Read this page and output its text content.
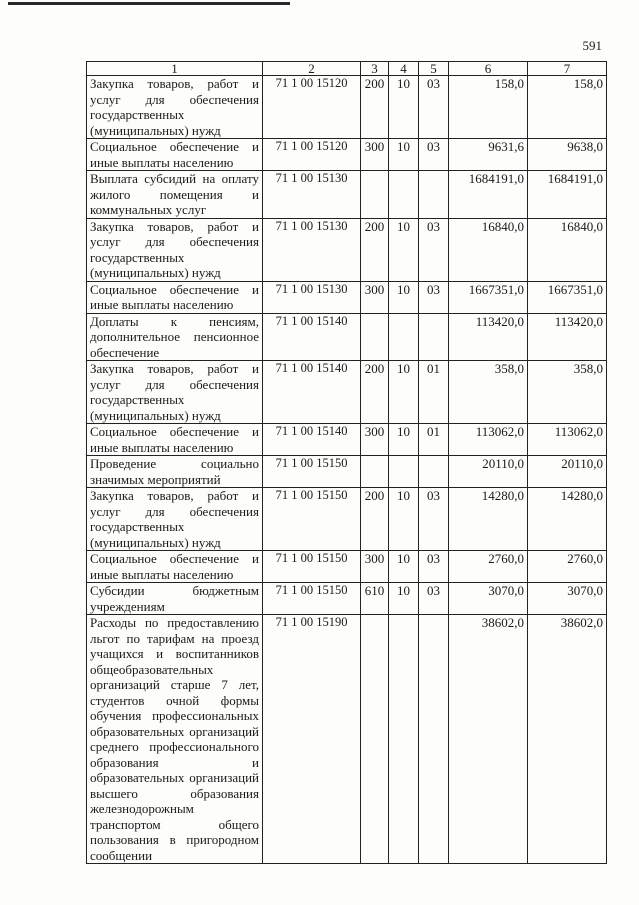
591
1	2	3	4	5	6	7
Закупка товаров, работ и услуг для обеспечения государственных (муниципальных) нужд	71 1 00 15120	200	10	03	158,0	158,0
Социальное обеспечение и иные выплаты населению	71 1 00 15120	300	10	03	9631,6	9638,0
Выплата субсидий на оплату жилого помещения и коммунальных услуг	71 1 00 15130				1684191,0	1684191,0
Закупка товаров, работ и услуг для обеспечения государственных (муниципальных) нужд	71 1 00 15130	200	10	03	16840,0	16840,0
Социальное обеспечение и иные выплаты населению	71 1 00 15130	300	10	03	1667351,0	1667351,0
Доплаты к пенсиям, дополнительное пенсионное обеспечение	71 1 00 15140				113420,0	113420,0
Закупка товаров, работ и услуг для обеспечения государственных (муниципальных) нужд	71 1 00 15140	200	10	01	358,0	358,0
Социальное обеспечение и иные выплаты населению	71 1 00 15140	300	10	01	113062,0	113062,0
Проведение социально значимых мероприятий	71 1 00 15150				20110,0	20110,0
Закупка товаров, работ и услуг для обеспечения государственных (муниципальных) нужд	71 1 00 15150	200	10	03	14280,0	14280,0
Социальное обеспечение и иные выплаты населению	71 1 00 15150	300	10	03	2760,0	2760,0
Субсидии бюджетным учреждениям	71 1 00 15150	610	10	03	3070,0	3070,0
Расходы по предоставлению льгот по тарифам на проезд учащихся и воспитанников общеобразовательных организаций старше 7 лет, студентов очной формы обучения профессиональных образовательных организаций среднего профессионального образования и образовательных организаций высшего образования железнодорожным транспортом общего пользования в пригородном сообщении	71 1 00 15190				38602,0	38602,0
